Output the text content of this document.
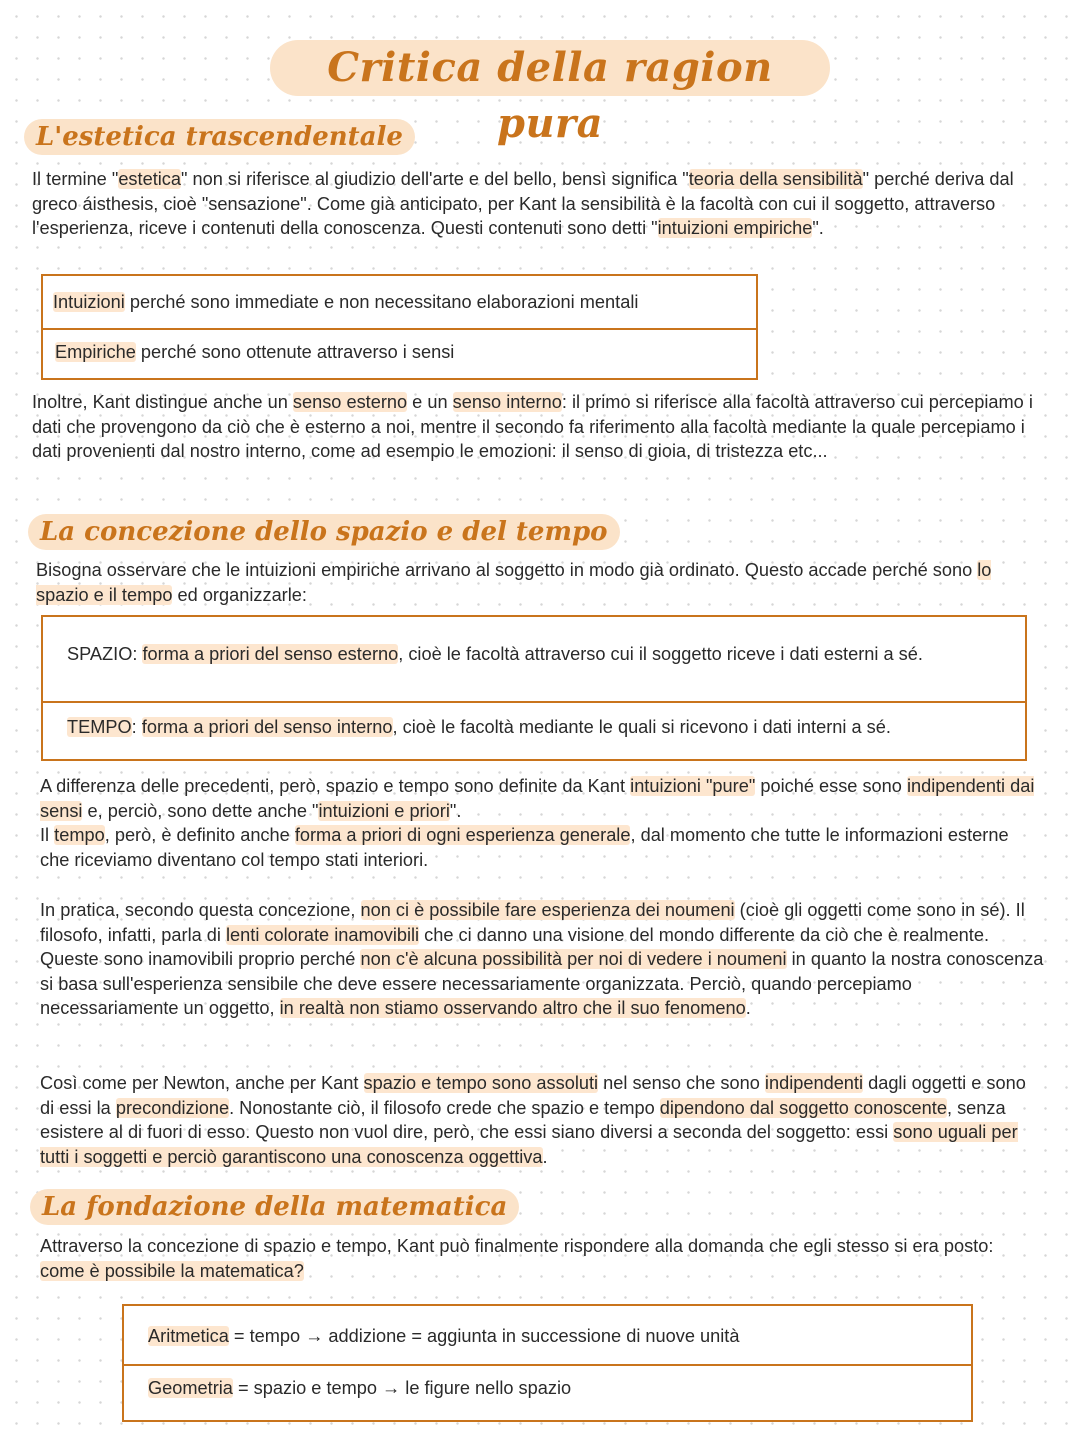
Critica della ragion pura
L'estetica trascendentale

Il termine "estetica" non si riferisce al giudizio dell'arte e del bello, bensì significa "teoria della sensibilità" perché deriva dal greco áisthesis, cioè "sensazione". Come già anticipato, per Kant la sensibilità è la facoltà con cui il soggetto, attraverso l'esperienza, riceve i contenuti della conoscenza. Questi contenuti sono detti "intuizioni empiriche".

Intuizioni perché sono immediate e non necessitano elaborazioni mentali
Empiriche perché sono ottenute attraverso i sensi

Inoltre, Kant distingue anche un senso esterno e un senso interno: il primo si riferisce alla facoltà attraverso cui percepiamo i dati che provengono da ciò che è esterno a noi, mentre il secondo fa riferimento alla facoltà mediante la quale percepiamo i dati provenienti dal nostro interno, come ad esempio le emozioni: il senso di gioia, di tristezza etc...

La concezione dello spazio e del tempo

Bisogna osservare che le intuizioni empiriche arrivano al soggetto in modo già ordinato. Questo accade perché sono lo spazio e il tempo ed organizzarle:

SPAZIO: forma a priori del senso esterno, cioè le facoltà attraverso cui il soggetto riceve i dati esterni a sé.
TEMPO: forma a priori del senso interno, cioè le facoltà mediante le quali si ricevono i dati interni a sé.

A differenza delle precedenti, però, spazio e tempo sono definite da Kant intuizioni "pure" poiché esse sono indipendenti dai sensi e, perciò, sono dette anche "intuizioni e priori".

Il tempo, però, è definito anche forma a priori di ogni esperienza generale, dal momento che tutte le informazioni esterne che riceviamo diventano col tempo stati interiori.

In pratica, secondo questa concezione, non ci è possibile fare esperienza dei noumeni (cioè gli oggetti come sono in sé). Il filosofo, infatti, parla di lenti colorate inamovibili che ci danno una visione del mondo differente da ciò che è realmente. Queste sono inamovibili proprio perché non c'è alcuna possibilità per noi di vedere i noumeni in quanto la nostra conoscenza si basa sull'esperienza sensibile che deve essere necessariamente organizzata. Perciò, quando percepiamo necessariamente un oggetto, in realtà non stiamo osservando altro che il suo fenomeno.

Così come per Newton, anche per Kant spazio e tempo sono assoluti nel senso che sono indipendenti dagli oggetti e sono di essi la precondizione. Nonostante ciò, il filosofo crede che spazio e tempo dipendono dal soggetto conoscente, senza esistere al di fuori di esso. Questo non vuol dire, però, che essi siano diversi a seconda del soggetto: essi sono uguali per tutti i soggetti e perciò garantiscono una conoscenza oggettiva.

La fondazione della matematica

Attraverso la concezione di spazio e tempo, Kant può finalmente rispondere alla domanda che egli stesso si era posto: come è possibile la matematica?

Aritmetica = tempo → addizione = aggiunta in successione di nuove unità
Geometria = spazio e tempo → le figure nello spazio
